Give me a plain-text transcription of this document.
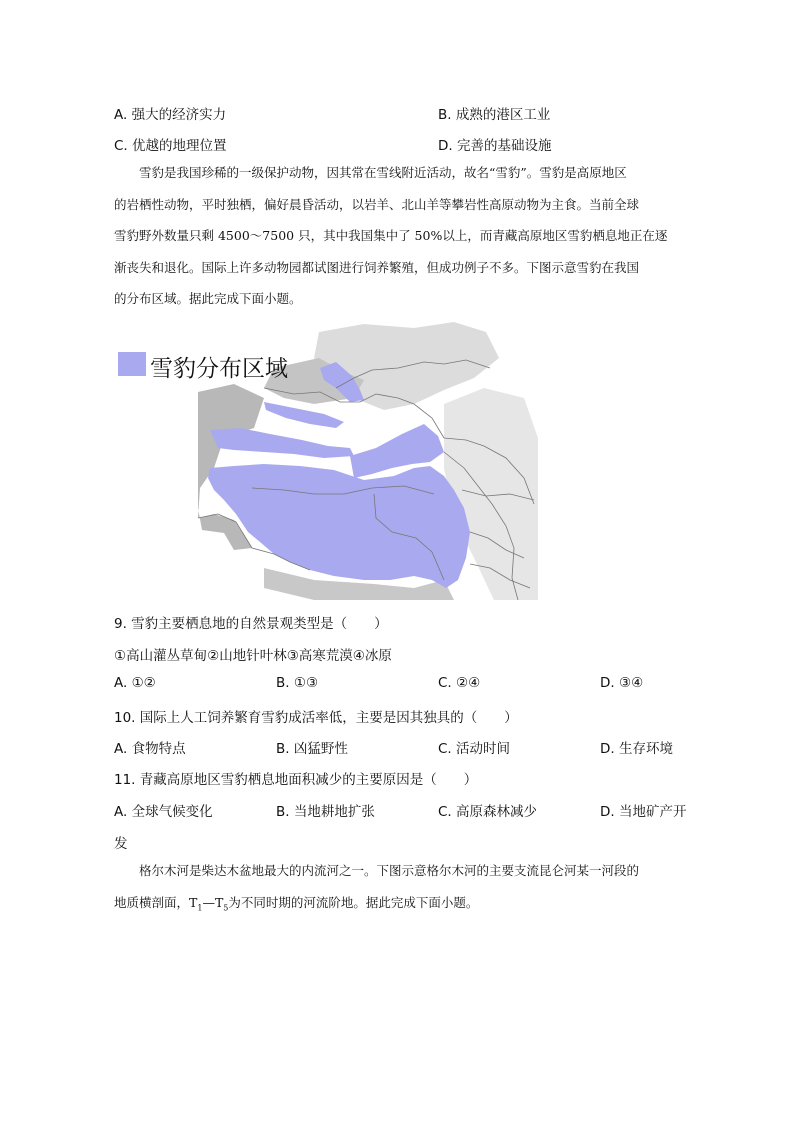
A. 强大的经济实力	B. 成熟的港区工业
C. 优越的地理位置	D. 完善的基础设施

雪豹是我国珍稀的一级保护动物，因其常在雪线附近活动，故名“雪豹”。雪豹是高原地区

的岩栖性动物，平时独栖，偏好晨昏活动，以岩羊、北山羊等攀岩性高原动物为主食。当前全球

雪豹野外数量只剩 4500～7500 只，其中我国集中了 50%以上，而青藏高原地区雪豹栖息地正在逐

渐丧失和退化。国际上许多动物园都试图进行饲养繁殖，但成功例子不多。下图示意雪豹在我国

的分布区域。据此完成下面小题。

雪豹分布区域
9. 雪豹主要栖息地的自然景观类型是（　　）
①高山灌丛草甸②山地针叶林③高寒荒漠④冰原
A. ①②	B. ①③	C. ②④	D. ③④
10. 国际上人工饲养繁育雪豹成活率低，主要是因其独具的（　　）
A. 食物特点	B. 凶猛野性	C. 活动时间	D. 生存环境
11. 青藏高原地区雪豹栖息地面积减少的主要原因是（　　）
A. 全球气候变化	B. 当地耕地扩张	C. 高原森林减少	D. 当地矿产开
发

格尔木河是柴达木盆地最大的内流河之一。下图示意格尔木河的主要支流昆仑河某一河段的

地质横剖面，$T_1—T_5$为不同时期的河流阶地。据此完成下面小题。
